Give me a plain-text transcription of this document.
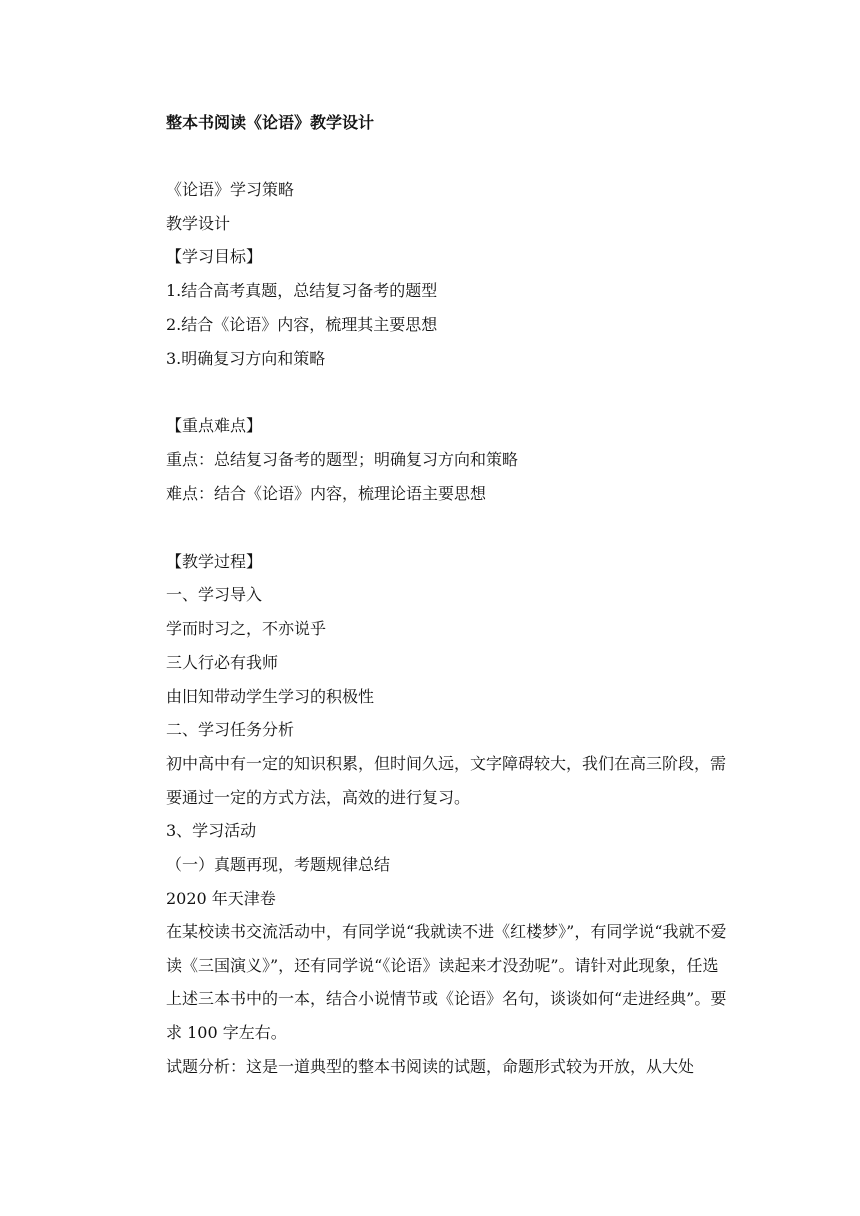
整本书阅读《论语》教学设计
《论语》学习策略
教学设计
【学习目标】
1.结合高考真题，总结复习备考的题型
2.结合《论语》内容，梳理其主要思想
3.明确复习方向和策略
【重点难点】
重点：总结复习备考的题型；明确复习方向和策略
难点：结合《论语》内容，梳理论语主要思想
【教学过程】
一、学习导入
学而时习之，不亦说乎
三人行必有我师
由旧知带动学生学习的积极性
二、学习任务分析
初中高中有一定的知识积累，但时间久远，文字障碍较大，我们在高三阶段，需要通过一定的方式方法，高效的进行复习。
3、学习活动
（一）真题再现，考题规律总结
2020 年天津卷
在某校读书交流活动中，有同学说“我就读不进《红楼梦》”，有同学说“我就不爱读《三国演义》”，还有同学说“《论语》读起来才没劲呢”。请针对此现象，任选上述三本书中的一本，结合小说情节或《论语》名句，谈谈如何“走进经典”。要求 100 字左右。
试题分析：这是一道典型的整本书阅读的试题，命题形式较为开放，从大处
